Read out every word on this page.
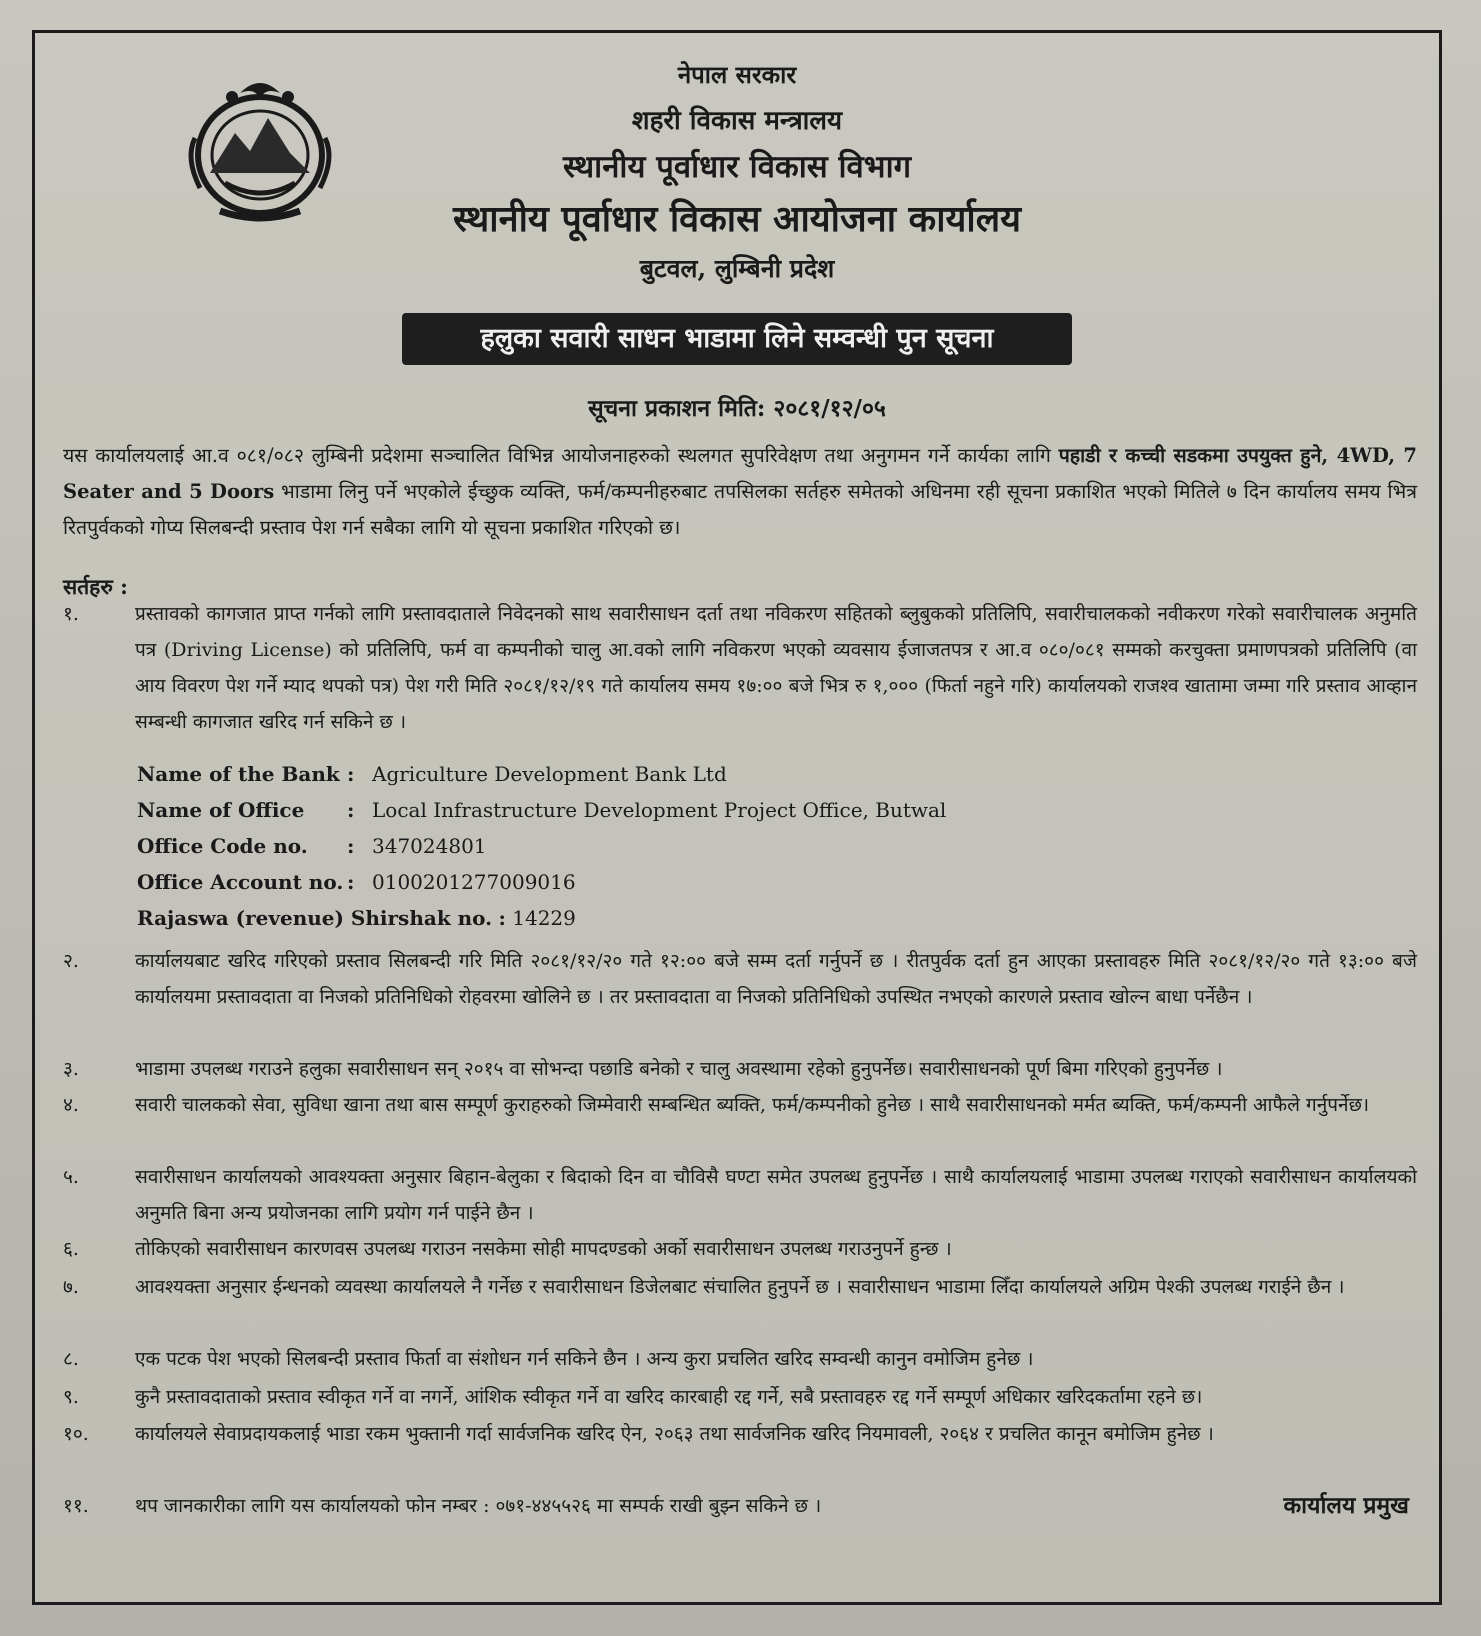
नेपाल सरकार
शहरी विकास मन्त्रालय
स्थानीय पूर्वाधार विकास विभाग
स्थानीय पूर्वाधार विकास आयोजना कार्यालय
बुटवल, लुम्बिनी प्रदेश
हलुका सवारी साधन भाडामा लिने सम्वन्धी पुन सूचना
सूचना प्रकाशन मिति: २०८१/१२/०५
यस कार्यालयलाई आ.व ०८१/०८२ लुम्बिनी प्रदेशमा सञ्चालित विभिन्न आयोजनाहरुको स्थलगत सुपरिवेक्षण तथा अनुगमन गर्ने कार्यका लागि पहाडी र कच्ची सडकमा उपयुक्त हुने, 4WD, 7 Seater and 5 Doors भाडामा लिनु पर्ने भएकोले ईच्छुक व्यक्ति, फर्म/कम्पनीहरुबाट तपसिलका सर्तहरु समेतको अधिनमा रही सूचना प्रकाशित भएको मितिले ७ दिन कार्यालय समय भित्र रितपुर्वकको गोप्य सिलबन्दी प्रस्ताव पेश गर्न सबैका लागि यो सूचना प्रकाशित गरिएको छ।
सर्तहरु :
१.	प्रस्तावको कागजात प्राप्त गर्नको लागि प्रस्तावदाताले निवेदनको साथ सवारीसाधन दर्ता तथा नविकरण सहितको ब्लुबुकको प्रतिलिपि, सवारीचालकको नवीकरण गरेको सवारीचालक अनुमति पत्र (Driving License) को प्रतिलिपि, फर्म वा कम्पनीको चालु आ.वको लागि नविकरण भएको व्यवसाय ईजाजतपत्र र आ.व ०८०/०८१ सम्मको करचुक्ता प्रमाणपत्रको प्रतिलिपि (वा आय विवरण पेश गर्ने म्याद थपको पत्र) पेश गरी मिति २०८१/१२/१९ गते कार्यालय समय १७:०० बजे भित्र रु १,००० (फिर्ता नहुने गरि) कार्यालयको राजश्व खातामा जम्मा गरि प्रस्ताव आव्हान सम्बन्धी कागजात खरिद गर्न सकिने छ ।
Name of the Bank : Agriculture Development Bank Ltd
Name of Office : Local Infrastructure Development Project Office, Butwal
Office Code no. : 347024801
Office Account no. : 0100201277009016
Rajaswa (revenue) Shirshak no. : 14229
२.	कार्यालयबाट खरिद गरिएको प्रस्ताव सिलबन्दी गरि मिति २०८१/१२/२० गते १२:०० बजे सम्म दर्ता गर्नुपर्ने छ । रीतपुर्वक दर्ता हुन आएका प्रस्तावहरु मिति २०८१/१२/२० गते १३:०० बजे कार्यालयमा प्रस्तावदाता वा निजको प्रतिनिधिको रोहवरमा खोलिने छ । तर प्रस्तावदाता वा निजको प्रतिनिधिको उपस्थित नभएको कारणले प्रस्ताव खोल्न बाधा पर्नेछैन ।
३.	भाडामा उपलब्ध गराउने हलुका सवारीसाधन सन् २०१५ वा सोभन्दा पछाडि बनेको र चालु अवस्थामा रहेको हुनुपर्नेछ। सवारीसाधनको पूर्ण बिमा गरिएको हुनुपर्नेछ ।
४.	सवारी चालकको सेवा, सुविधा खाना तथा बास सम्पूर्ण कुराहरुको जिम्मेवारी सम्बन्धित ब्यक्ति, फर्म/कम्पनीको हुनेछ । साथै सवारीसाधनको मर्मत ब्यक्ति, फर्म/कम्पनी आफैले गर्नुपर्नेछ।
५.	सवारीसाधन कार्यालयको आवश्यक्ता अनुसार बिहान-बेलुका र बिदाको दिन वा चौविसै घण्टा समेत उपलब्ध हुनुपर्नेछ । साथै कार्यालयलाई भाडामा उपलब्ध गराएको सवारीसाधन कार्यालयको अनुमति बिना अन्य प्रयोजनका लागि प्रयोग गर्न पाईने छैन ।
६.	तोकिएको सवारीसाधन कारणवस उपलब्ध गराउन नसकेमा सोही मापदण्डको अर्को सवारीसाधन उपलब्ध गराउनुपर्ने हुन्छ ।
७.	आवश्यक्ता अनुसार ईन्धनको व्यवस्था कार्यालयले नै गर्नेछ र सवारीसाधन डिजेलबाट संचालित हुनुपर्ने छ । सवारीसाधन भाडामा लिँदा कार्यालयले अग्रिम पेश्की उपलब्ध गराईने छैन ।
८.	एक पटक पेश भएको सिलबन्दी प्रस्ताव फिर्ता वा संशोधन गर्न सकिने छैन । अन्य कुरा प्रचलित खरिद सम्वन्धी कानुन वमोजिम हुनेछ ।
९.	कुनै प्रस्तावदाताको प्रस्ताव स्वीकृत गर्ने वा नगर्ने, आंशिक स्वीकृत गर्ने वा खरिद कारबाही रद्द गर्ने, सबै प्रस्तावहरु रद्द गर्ने सम्पूर्ण अधिकार खरिदकर्तामा रहने छ।
१०.	कार्यालयले सेवाप्रदायकलाई भाडा रकम भुक्तानी गर्दा सार्वजनिक खरिद ऐन, २०६३ तथा सार्वजनिक खरिद नियमावली, २०६४ र प्रचलित कानून बमोजिम हुनेछ ।
११.	थप जानकारीका लागि यस कार्यालयको फोन नम्बर : ०७१-४४५५२६ मा सम्पर्क राखी बुझ्न सकिने छ ।	कार्यालय प्रमुख
